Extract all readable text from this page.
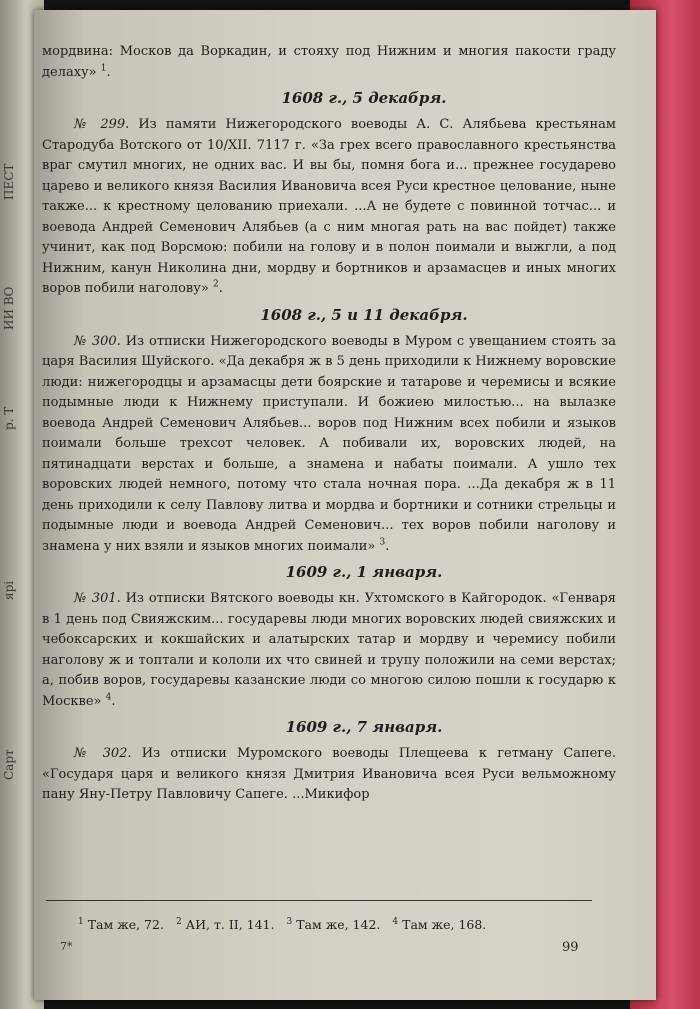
ПЕСТ
ИИ ВО
р. Т
ярі
Сарт

мордвина: Москов да Воркадин, и стояху под Нижним и многия пакости граду делаху» $^1$.

1608 г., 5 декабря.

№ 299. Из памяти Нижегородского воеводы А. С. Алябьева крестьянам Стародуба Вотского от 10/XII. 7117 г. «За грех всего православного крестьянства враг смутил многих, не одних вас. И вы бы, помня бога и... прежнее государево царево и великого князя Василия Ивановича всея Руси крестное целование, ныне также... к крестному целованию приехали. ...А не будете с повинной тотчас... и воевода Андрей Семенович Алябьев (а с ним многая рать на вас пойдет) также учинит, как под Ворсмою: побили на голову и в полон поимали и выжгли, а под Нижним, канун Николина дни, мордву и бортников и арзамасцев и иных многих воров побили наголову» $^2$.

1608 г., 5 и 11 декабря.

№ 300. Из отписки Нижегородского воеводы в Муром с увещанием стоять за царя Василия Шуйского. «Да декабря ж в 5 день приходили к Нижнему воровские люди: нижегородцы и арзамасцы дети боярские и татарове и черемисы и всякие подымные люди к Нижнему приступали. И божиею милостью... на вылазке воевода Андрей Семенович Алябьев... воров под Нижним всех побили и языков поимали больше трехсот человек. А побивали их, воровских людей, на пятинадцати верстах и больше, а знамена и набаты поимали. А ушло тех воровских людей немного, потому что стала ночная пора. ...Да декабря ж в 11 день приходили к селу Павлову литва и мордва и бортники и сотники стрельцы и подымные люди и воевода Андрей Семенович... тех воров побили наголову и знамена у них взяли и языков многих поимали» $^3$.

1609 г., 1 января.

№ 301. Из отписки Вятского воеводы кн. Ухтомского в Кайгородок. «Генваря в 1 день под Свияжским... государевы люди многих воровских людей свияжских и чебоксарских и кокшайских и алатырских татар и мордву и черемису побили наголову ж и топтали и кололи их что свиней и трупу положили на семи верстах; а, побив воров, государевы казанские люди со многою силою пошли к государю к Москве» $^4$.

1609 г., 7 января.

№ 302. Из отписки Муромского воеводы Плещеева к гетману Сапеге. «Государя царя и великого князя Дмитрия Ивановича всея Руси вельможному пану Яну-Петру Павловичу Сапеге. ...Микифор

$^1$ Там же, 72. $^2$ АИ, т. II, 141. $^3$ Там же, 142. $^4$ Там же, 168.
7*	99
